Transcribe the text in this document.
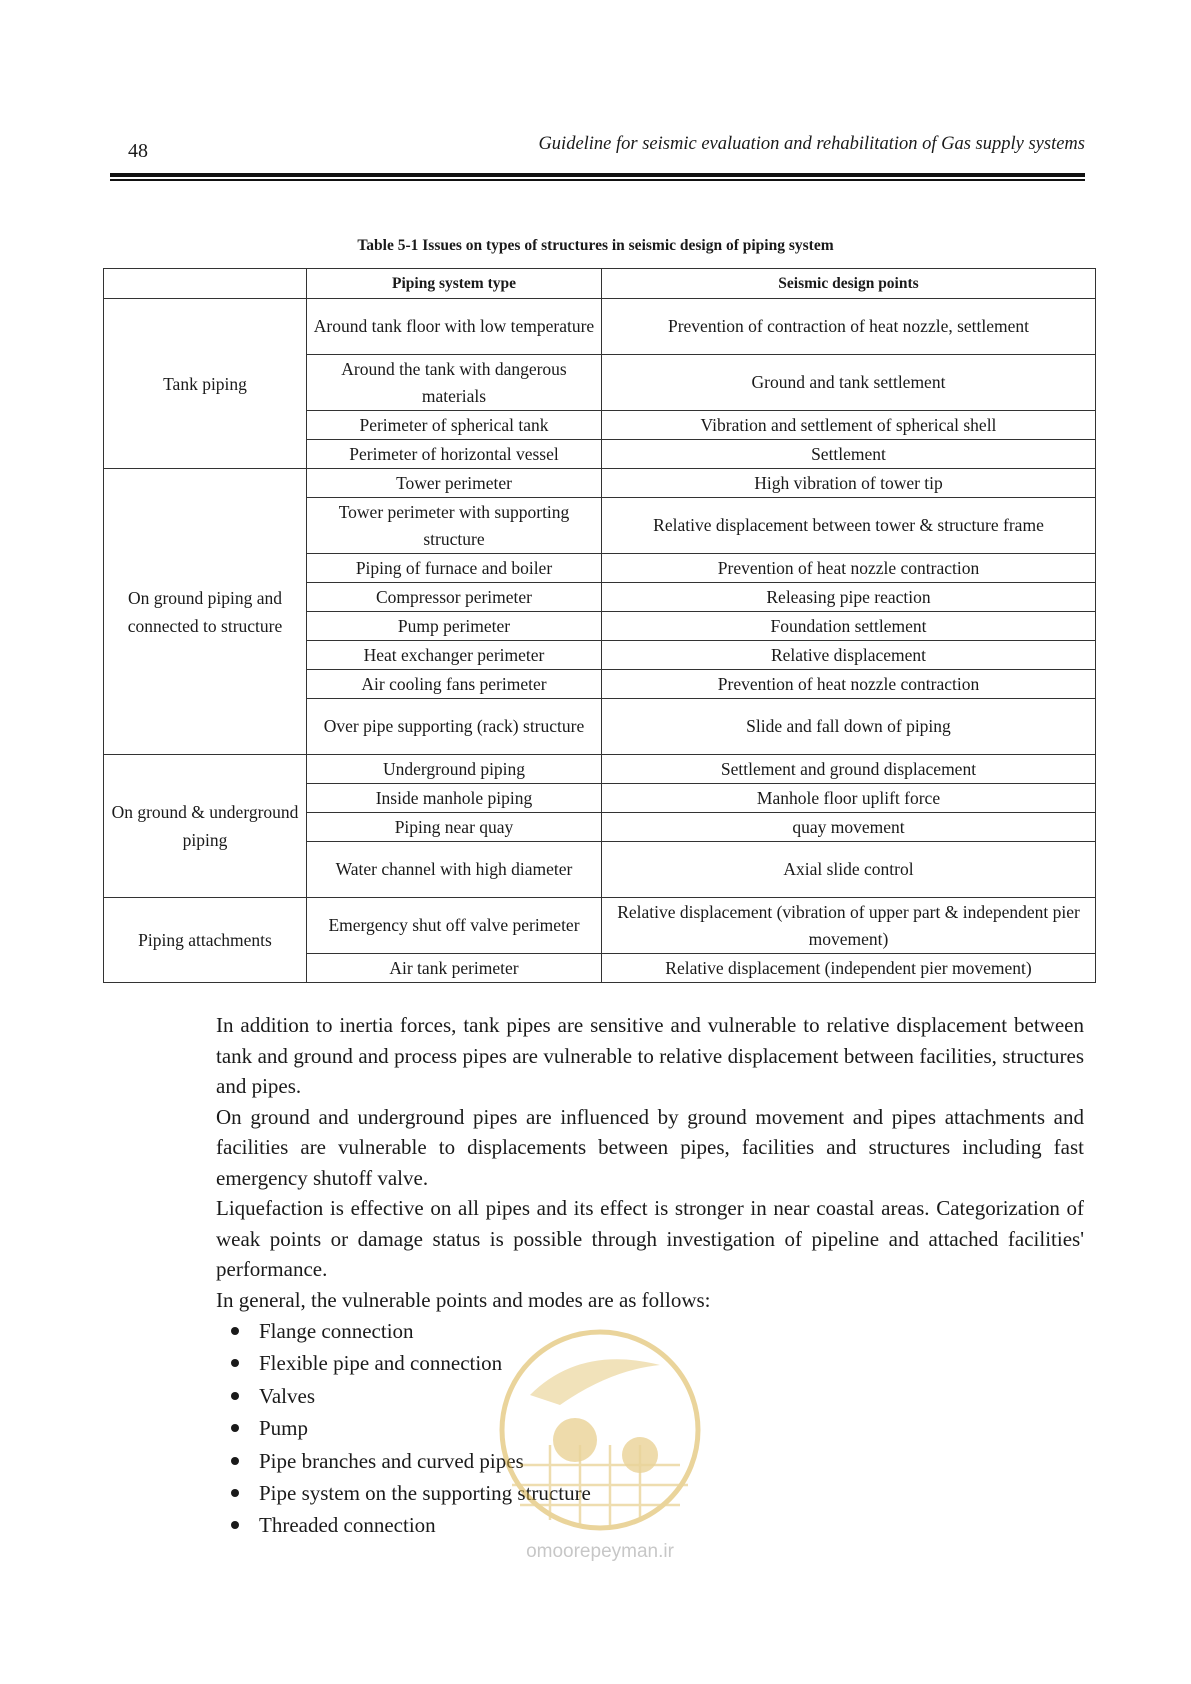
48	Guideline for seismic evaluation and rehabilitation of Gas supply systems
Table 5-1 Issues on types of structures in seismic design of piping system
	Piping system type	Seismic design points
Tank piping	Around tank floor with low temperature	Prevention of contraction of heat nozzle, settlement
	Around the tank with dangerous materials	Ground and tank settlement
	Perimeter of spherical tank	Vibration and settlement of spherical shell
	Perimeter of horizontal vessel	Settlement
On ground piping and connected to structure	Tower perimeter	High vibration of tower tip
	Tower perimeter with supporting structure	Relative displacement between tower & structure frame
	Piping of furnace and boiler	Prevention of heat nozzle contraction
	Compressor perimeter	Releasing pipe reaction
	Pump perimeter	Foundation settlement
	Heat exchanger perimeter	Relative displacement
	Air cooling fans perimeter	Prevention of heat nozzle contraction
	Over pipe supporting (rack) structure	Slide and fall down of piping
On ground & underground piping	Underground piping	Settlement and ground displacement
	Inside manhole piping	Manhole floor uplift force
	Piping near quay	quay movement
	Water channel with high diameter	Axial slide control
Piping attachments	Emergency shut off valve perimeter	Relative displacement (vibration of upper part & independent pier movement)
	Air tank perimeter	Relative displacement (independent pier movement)

In addition to inertia forces, tank pipes are sensitive and vulnerable to relative displacement between tank and ground and process pipes are vulnerable to relative displacement between facilities, structures and pipes.

On ground and underground pipes are influenced by ground movement and pipes attachments and facilities are vulnerable to displacements between pipes, facilities and structures including fast emergency shutoff valve.

Liquefaction is effective on all pipes and its effect is stronger in near coastal areas. Categorization of weak points or damage status is possible through investigation of pipeline and attached facilities' performance.

In general, the vulnerable points and modes are as follows:

Flange connection
Flexible pipe and connection
Valves
Pump
Pipe branches and curved pipes
Pipe system on the supporting structure
Threaded connection
omoorepeyman.ir
